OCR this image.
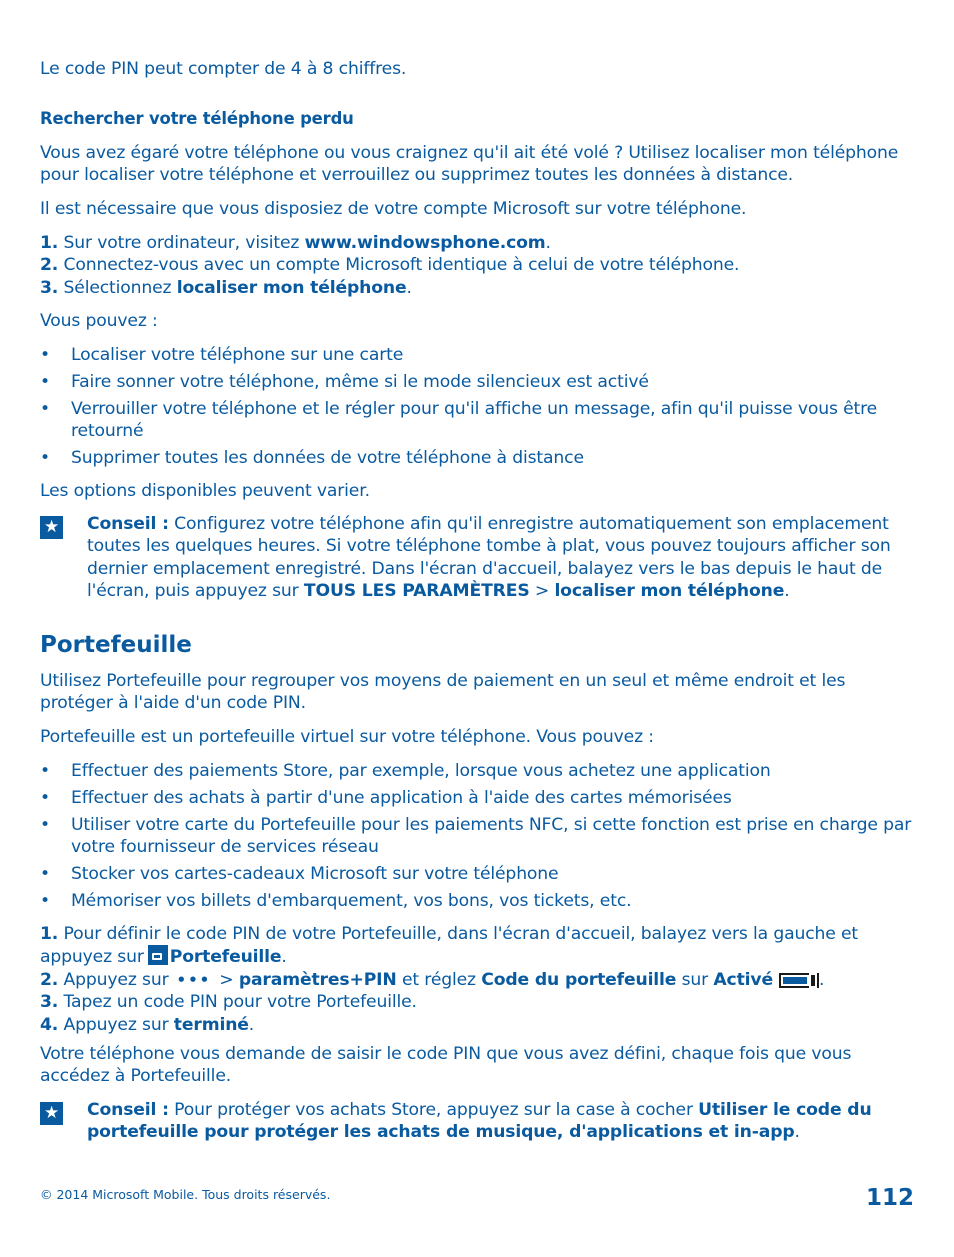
Le code PIN peut compter de 4 à 8 chiffres.

Rechercher votre téléphone perdu

Vous avez égaré votre téléphone ou vous craignez qu'il ait été volé ? Utilisez localiser mon téléphone pour localiser votre téléphone et verrouillez ou supprimez toutes les données à distance.

Il est nécessaire que vous disposiez de votre compte Microsoft sur votre téléphone.

1. Sur votre ordinateur, visitez www.windowsphone.com.
2. Connectez-vous avec un compte Microsoft identique à celui de votre téléphone.
3. Sélectionnez localiser mon téléphone.

Vous pouvez :

• Localiser votre téléphone sur une carte
• Faire sonner votre téléphone, même si le mode silencieux est activé
• Verrouiller votre téléphone et le régler pour qu'il affiche un message, afin qu'il puisse vous être retourné
• Supprimer toutes les données de votre téléphone à distance

Les options disponibles peuvent varier.

★ Conseil : Configurez votre téléphone afin qu'il enregistre automatiquement son emplacement toutes les quelques heures. Si votre téléphone tombe à plat, vous pouvez toujours afficher son dernier emplacement enregistré. Dans l'écran d'accueil, balayez vers le bas depuis le haut de l'écran, puis appuyez sur TOUS LES PARAMÈTRES > localiser mon téléphone.

Portefeuille

Utilisez Portefeuille pour regrouper vos moyens de paiement en un seul et même endroit et les protéger à l'aide d'un code PIN.

Portefeuille est un portefeuille virtuel sur votre téléphone. Vous pouvez :

• Effectuer des paiements Store, par exemple, lorsque vous achetez une application
• Effectuer des achats à partir d'une application à l'aide des cartes mémorisées
• Utiliser votre carte du Portefeuille pour les paiements NFC, si cette fonction est prise en charge par votre fournisseur de services réseau
• Stocker vos cartes-cadeaux Microsoft sur votre téléphone
• Mémoriser vos billets d'embarquement, vos bons, vos tickets, etc.
1. Pour définir le code PIN de votre Portefeuille, dans l'écran d'accueil, balayez vers la gauche et appuyez sur Portefeuille.
2. Appuyez sur ••• > paramètres+PIN et réglez Code du portefeuille sur Activé	.
3. Tapez un code PIN pour votre Portefeuille.
4. Appuyez sur terminé.

Votre téléphone vous demande de saisir le code PIN que vous avez défini, chaque fois que vous accédez à Portefeuille.

★ Conseil : Pour protéger vos achats Store, appuyez sur la case à cocher Utiliser le code du portefeuille pour protéger les achats de musique, d'applications et in-app.

© 2014 Microsoft Mobile. Tous droits réservés.	112
